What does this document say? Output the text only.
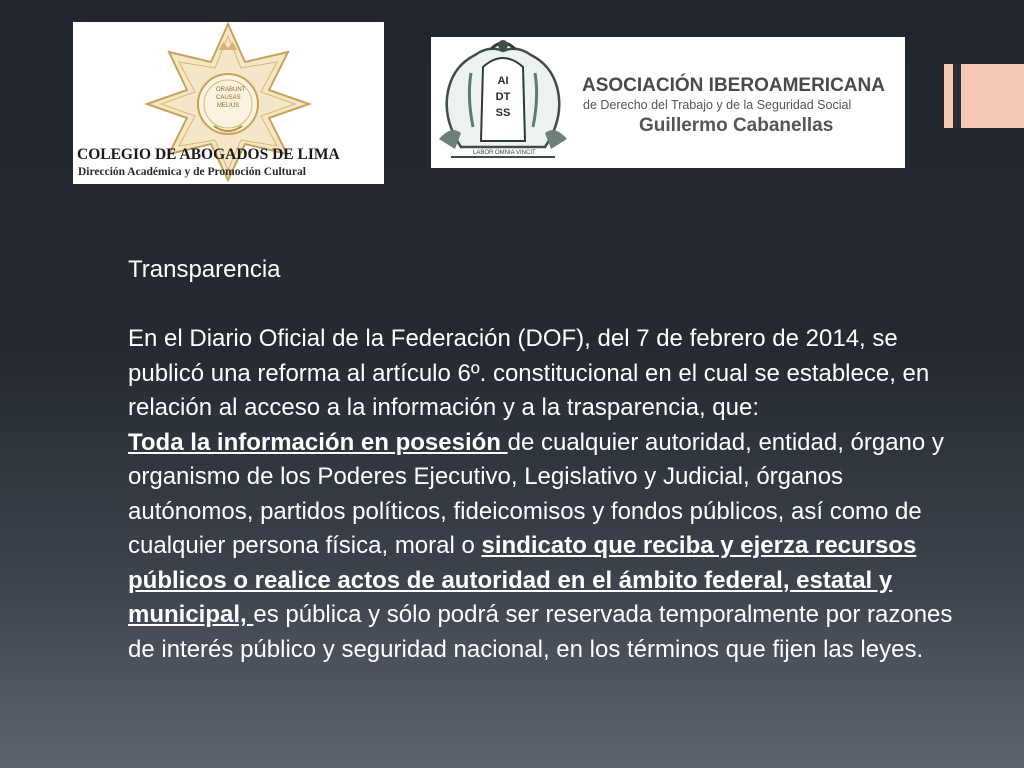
ORABUNT CAUSAS MELIUS
COLEGIO DE ABOGADOS DE LIMA
Dirección Académica y de Promoción Cultural
AI
DT
SS
LABOR OMNIA VINCIT
ASOCIACIÓN IBEROAMERICANA
de Derecho del Trabajo y de la Seguridad Social
Guillermo Cabanellas

Transparencia

En el Diario Oficial de la Federación (DOF), del 7 de febrero de 2014, se publicó una reforma al artículo 6º. constitucional en el cual se establece, en relación al acceso a la información y a la trasparencia, que:

Toda la información en posesión de cualquier autoridad, entidad, órgano y organismo de los Poderes Ejecutivo, Legislativo y Judicial, órganos autónomos, partidos políticos, fideicomisos y fondos públicos, así como de cualquier persona física, moral o sindicato que reciba y ejerza recursos públicos o realice actos de autoridad en el ámbito federal, estatal y municipal, es pública y sólo podrá ser reservada temporalmente por razones de interés público y seguridad nacional, en los términos que fijen las leyes.
